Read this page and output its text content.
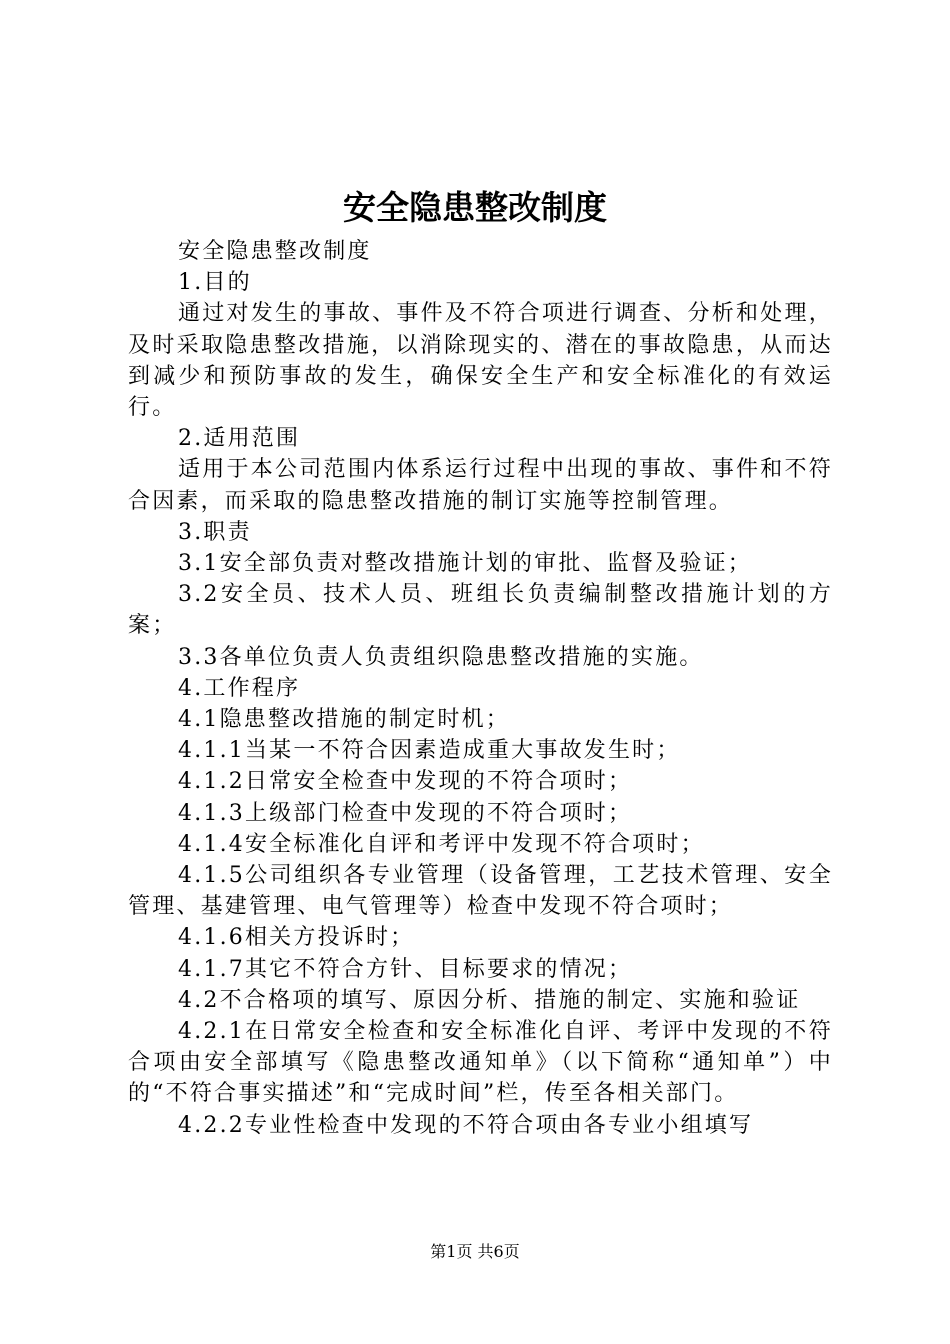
安全隐患整改制度

安全隐患整改制度

1.目的

通过对发生的事故、事件及不符合项进行调查、分析和处理，及时采取隐患整改措施，以消除现实的、潜在的事故隐患，从而达到减少和预防事故的发生，确保安全生产和安全标准化的有效运行。

2.适用范围

适用于本公司范围内体系运行过程中出现的事故、事件和不符合因素，而采取的隐患整改措施的制订实施等控制管理。

3.职责

3.1安全部负责对整改措施计划的审批、监督及验证；

3.2安全员、技术人员、班组长负责编制整改措施计划的方案；

3.3各单位负责人负责组织隐患整改措施的实施。

4.工作程序

4.1隐患整改措施的制定时机；

4.1.1当某一不符合因素造成重大事故发生时；

4.1.2日常安全检查中发现的不符合项时；

4.1.3上级部门检查中发现的不符合项时；

4.1.4安全标准化自评和考评中发现不符合项时；

4.1.5公司组织各专业管理（设备管理，工艺技术管理、安全管理、基建管理、电气管理等）检查中发现不符合项时；

4.1.6相关方投诉时；

4.1.7其它不符合方针、目标要求的情况；

4.2不合格项的填写、原因分析、措施的制定、实施和验证

4.2.1在日常安全检查和安全标准化自评、考评中发现的不符合项由安全部填写《隐患整改通知单》（以下简称“通知单”）中的“不符合事实描述”和“完成时间”栏，传至各相关部门。

4.2.2专业性检查中发现的不符合项由各专业小组填写

第1页 共6页
